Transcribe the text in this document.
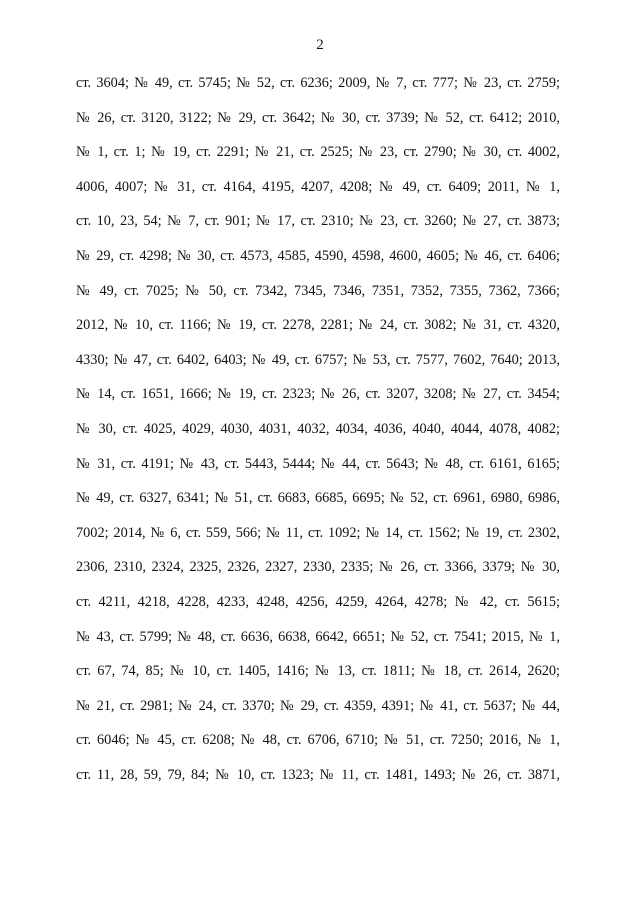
2
ст. 3604; № 49, ст. 5745; № 52, ст. 6236; 2009, № 7, ст. 777; № 23, ст. 2759;
№ 26, ст. 3120, 3122; № 29, ст. 3642; № 30, ст. 3739; № 52, ст. 6412; 2010,
№ 1, ст. 1; № 19, ст. 2291; № 21, ст. 2525; № 23, ст. 2790; № 30, ст. 4002,
4006, 4007; № 31, ст. 4164, 4195, 4207, 4208; № 49, ст. 6409; 2011, № 1,
ст. 10, 23, 54; № 7, ст. 901; № 17, ст. 2310; № 23, ст. 3260; № 27, ст. 3873;
№ 29, ст. 4298; № 30, ст. 4573, 4585, 4590, 4598, 4600, 4605; № 46, ст. 6406;
№ 49, ст. 7025; № 50, ст. 7342, 7345, 7346, 7351, 7352, 7355, 7362, 7366;
2012, № 10, ст. 1166; № 19, ст. 2278, 2281; № 24, ст. 3082; № 31, ст. 4320,
4330; № 47, ст. 6402, 6403; № 49, ст. 6757; № 53, ст. 7577, 7602, 7640; 2013,
№ 14, ст. 1651, 1666; № 19, ст. 2323; № 26, ст. 3207, 3208; № 27, ст. 3454;
№ 30, ст. 4025, 4029, 4030, 4031, 4032, 4034, 4036, 4040, 4044, 4078, 4082;
№ 31, ст. 4191; № 43, ст. 5443, 5444; № 44, ст. 5643; № 48, ст. 6161, 6165;
№ 49, ст. 6327, 6341; № 51, ст. 6683, 6685, 6695; № 52, ст. 6961, 6980, 6986,
7002; 2014, № 6, ст. 559, 566; № 11, ст. 1092; № 14, ст. 1562; № 19, ст. 2302,
2306, 2310, 2324, 2325, 2326, 2327, 2330, 2335; № 26, ст. 3366, 3379; № 30,
ст. 4211, 4218, 4228, 4233, 4248, 4256, 4259, 4264, 4278; № 42, ст. 5615;
№ 43, ст. 5799; № 48, ст. 6636, 6638, 6642, 6651; № 52, ст. 7541; 2015, № 1,
ст. 67, 74, 85; № 10, ст. 1405, 1416; № 13, ст. 1811; № 18, ст. 2614, 2620;
№ 21, ст. 2981; № 24, ст. 3370; № 29, ст. 4359, 4391; № 41, ст. 5637; № 44,
ст. 6046; № 45, ст. 6208; № 48, ст. 6706, 6710; № 51, ст. 7250; 2016, № 1,
ст. 11, 28, 59, 79, 84; № 10, ст. 1323; № 11, ст. 1481, 1493; № 26, ст. 3871,
